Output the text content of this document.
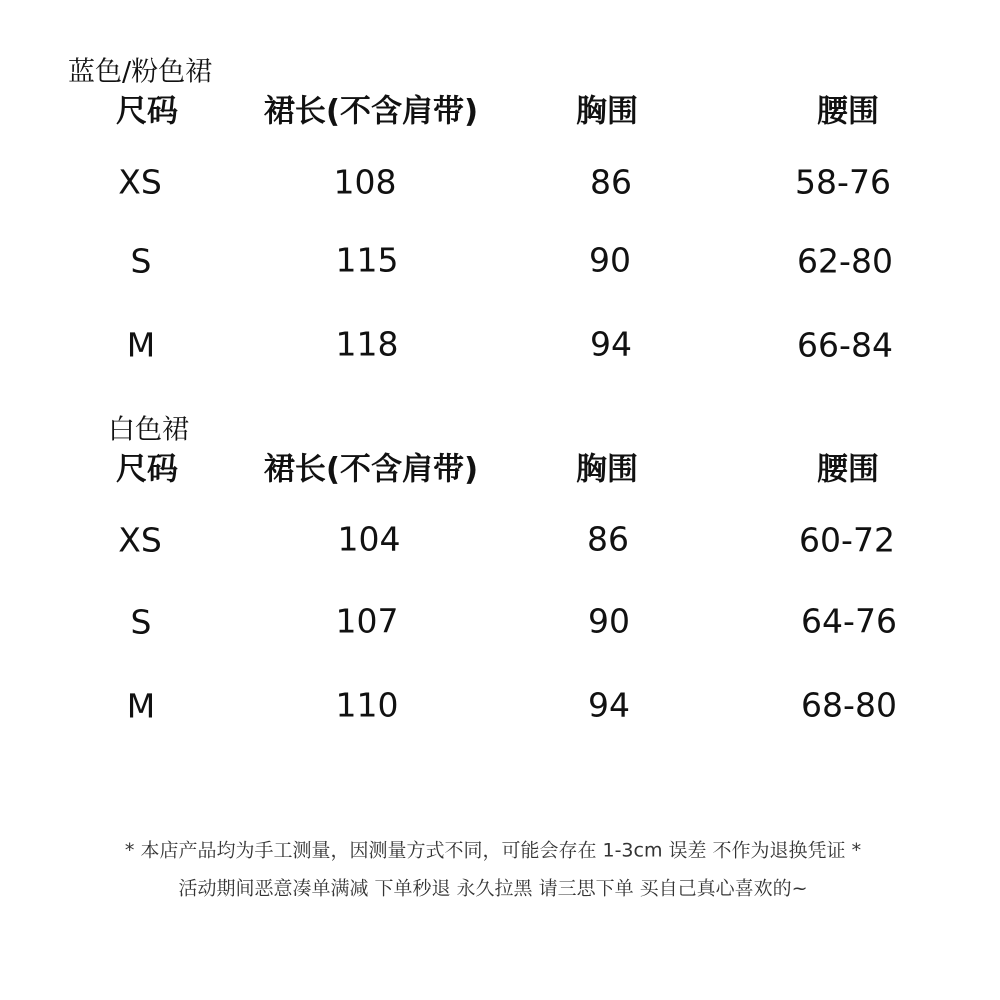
蓝色/粉色裙
尺码	裙长(不含肩带)	胸围	腰围
XS	108	86	58-76
S	115	90	62-80
M	118	94	66-84
白色裙
尺码	裙长(不含肩带)	胸围	腰围
XS	104	86	60-72
S	107	90	64-76
M	110	94	68-80
* 本店产品均为手工测量，因测量方式不同，可能会存在 1-3cm 误差 不作为退换凭证 *
活动期间恶意凑单满减 下单秒退 永久拉黑 请三思下单 买自己真心喜欢的~
